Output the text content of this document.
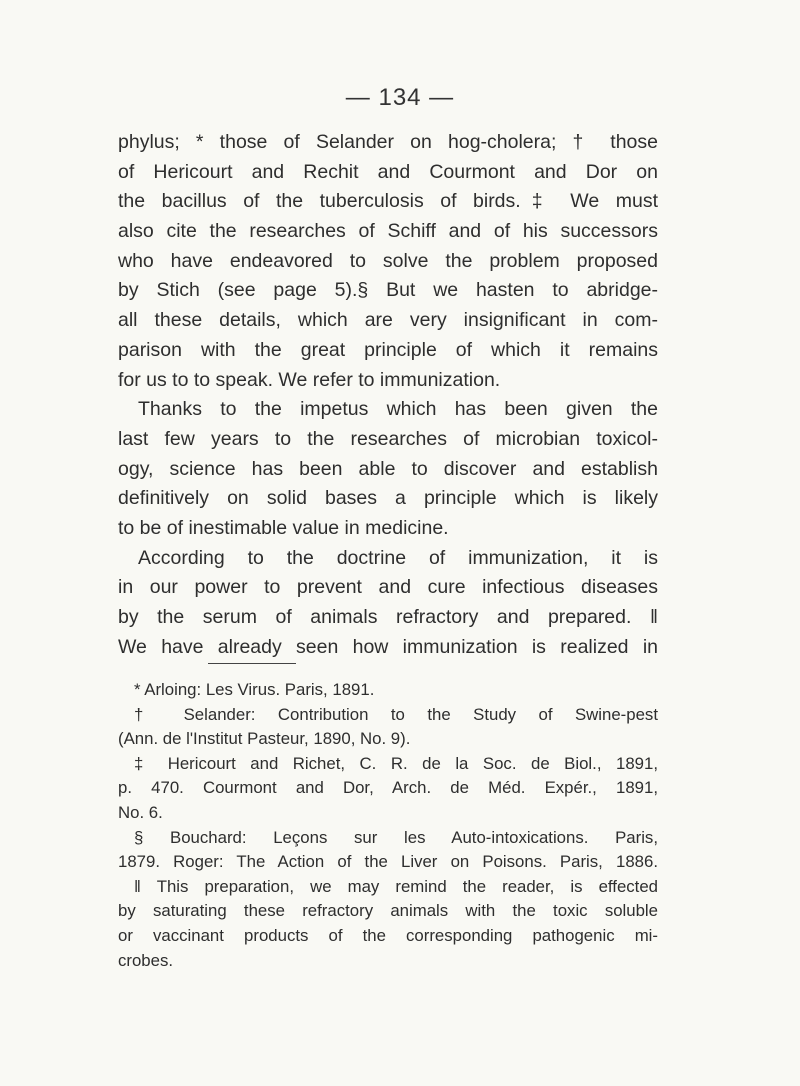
— 134 —
phylus; * those of Selander on hog-cholera; † those
of Hericourt and Rechit and Courmont and Dor on
the bacillus of the tuberculosis of birds.‡ We must
also cite the researches of Schiff and of his successors
who have endeavored to solve the problem proposed
by Stich (see page 5).§ But we hasten to abridge-
all these details, which are very insignificant in com-
parison with the great principle of which it remains
for us to to speak. We refer to immunization.
Thanks to the impetus which has been given the
last few years to the researches of microbian toxicol-
ogy, science has been able to discover and establish
definitively on solid bases a principle which is likely
to be of inestimable value in medicine.
According to the doctrine of immunization, it is
in our power to prevent and cure infectious diseases
by the serum of animals refractory and prepared. ‖
We have already seen how immunization is realized in
* Arloing: Les Virus. Paris, 1891.
† Selander: Contribution to the Study of Swine-pest
(Ann. de l'Institut Pasteur, 1890, No. 9).
‡ Hericourt and Richet, C. R. de la Soc. de Biol., 1891,
p. 470. Courmont and Dor, Arch. de Méd. Expér., 1891,
No. 6.
§ Bouchard: Leçons sur les Auto-intoxications. Paris,
1879. Roger: The Action of the Liver on Poisons. Paris, 1886.
‖ This preparation, we may remind the reader, is effected
by saturating these refractory animals with the toxic soluble
or vaccinant products of the corresponding pathogenic mi-
crobes.
